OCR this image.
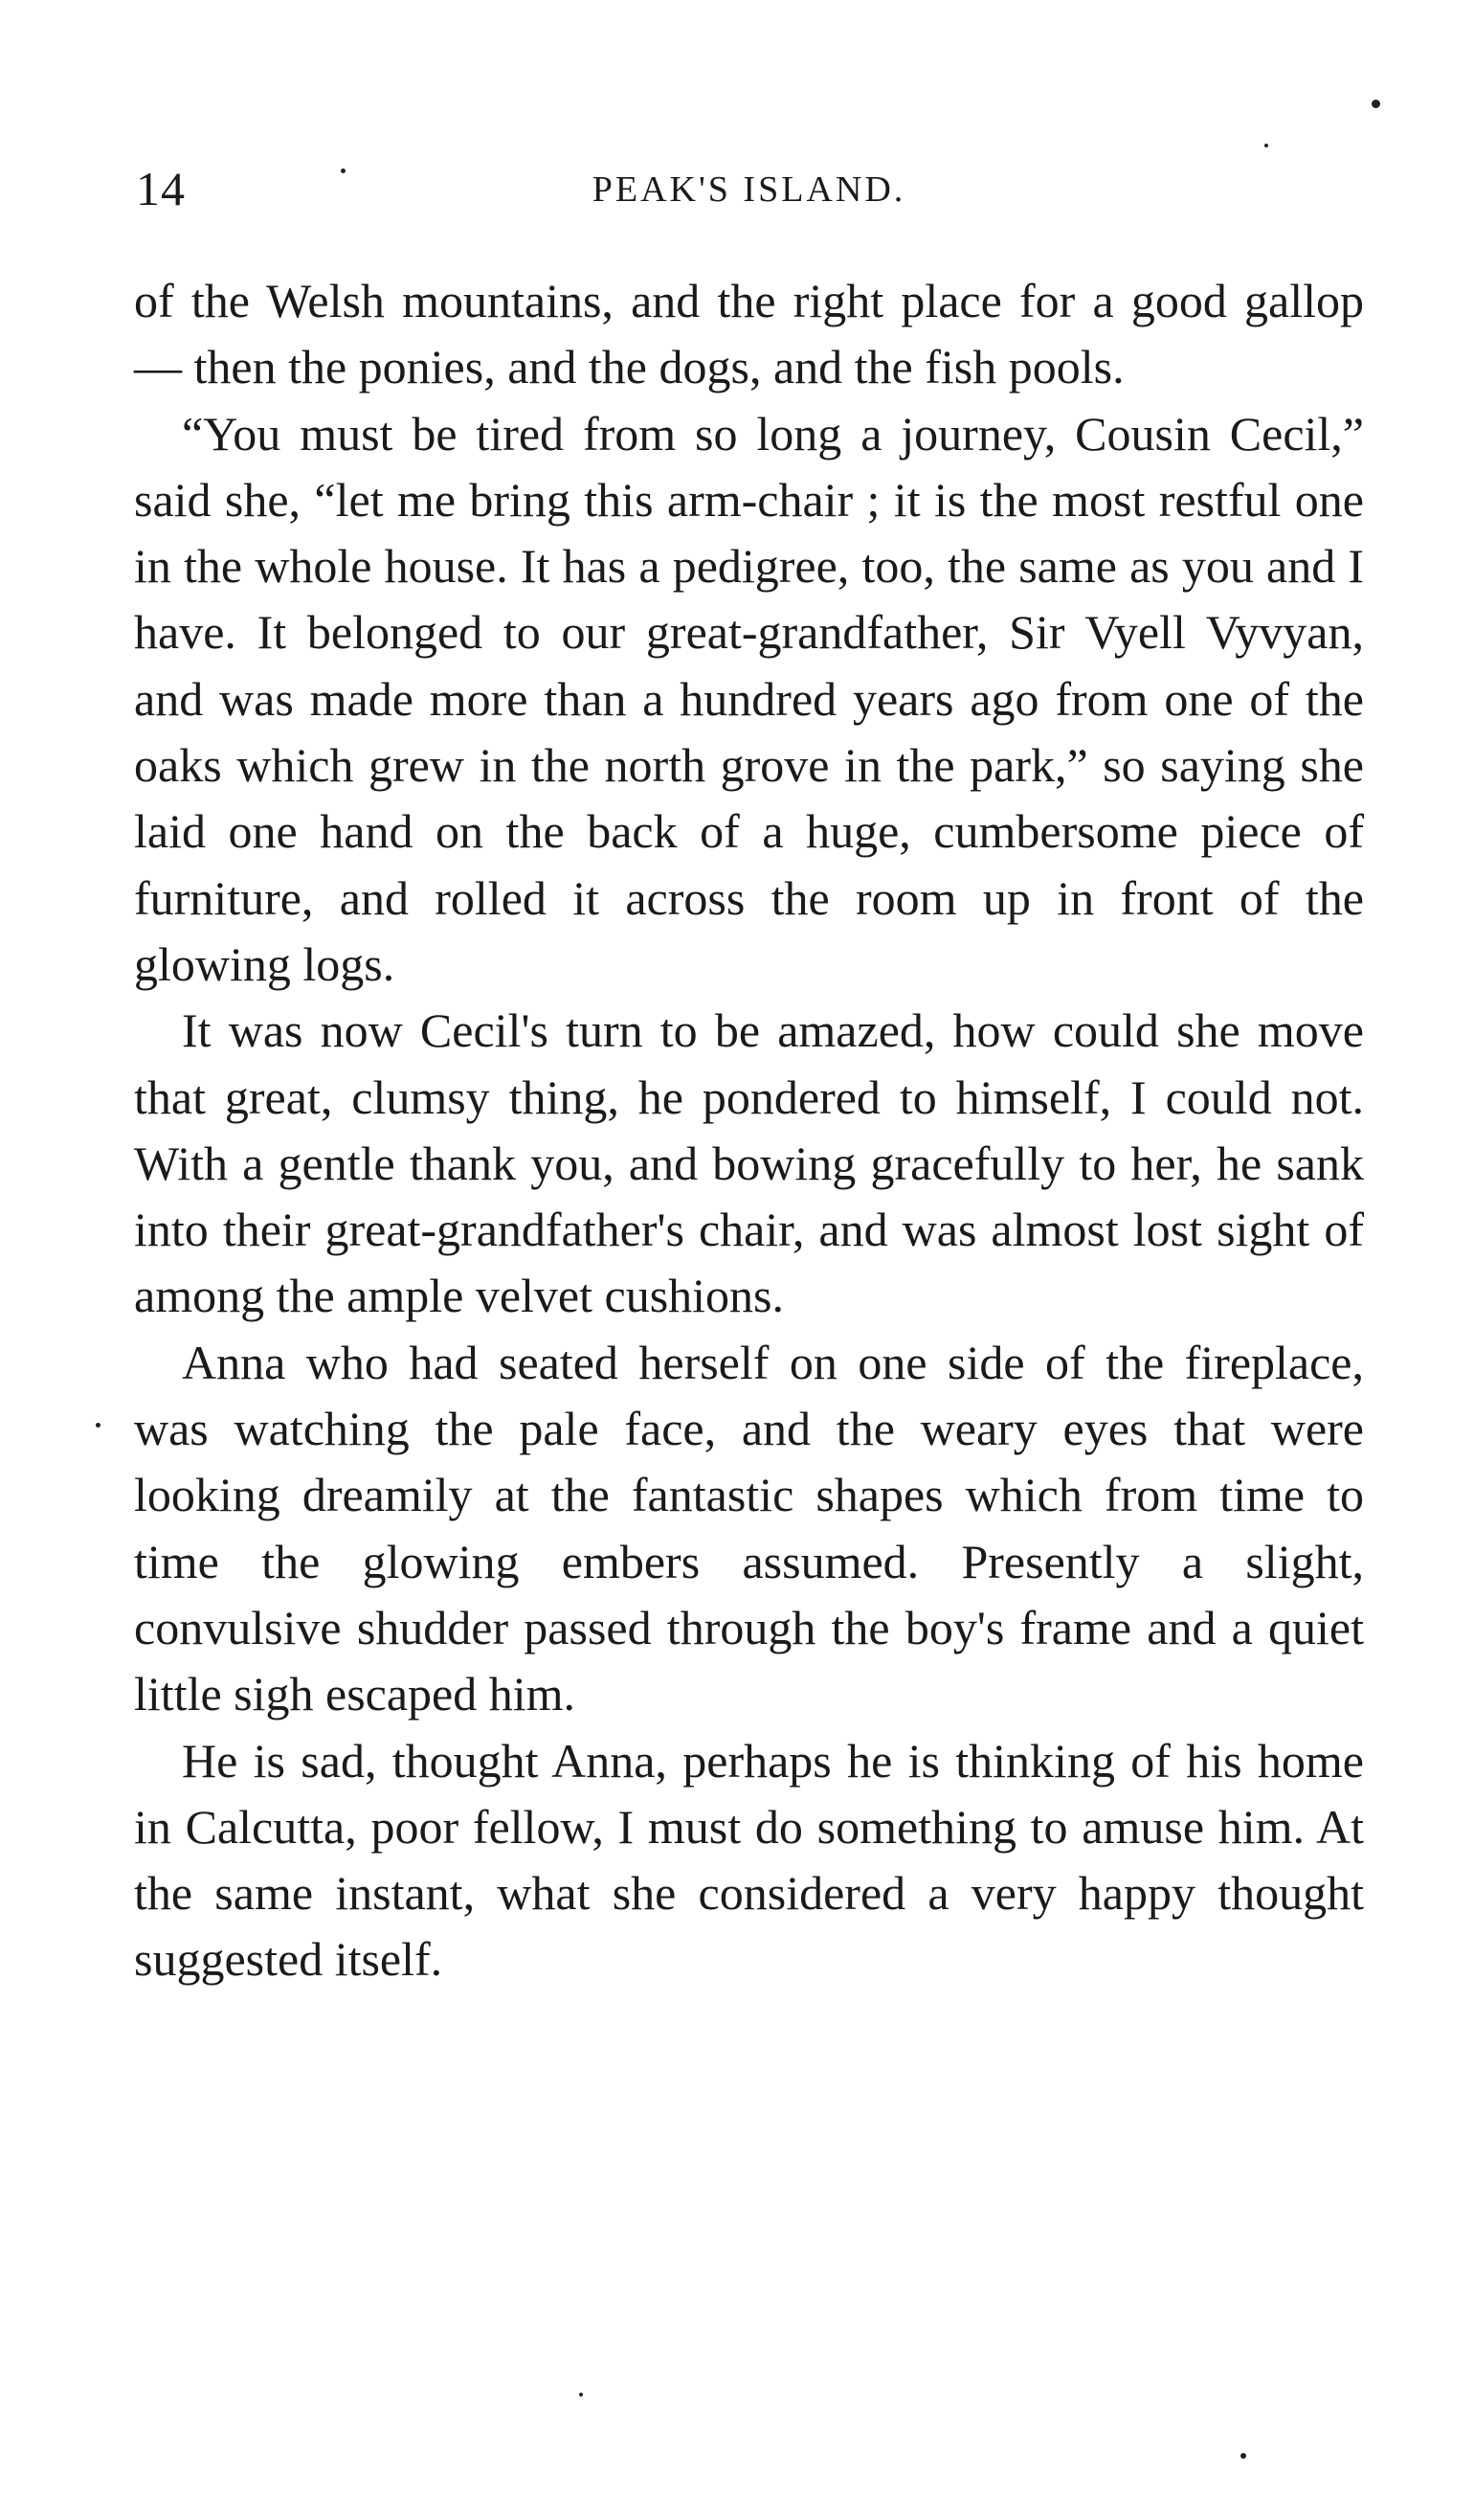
14	PEAK'S ISLAND.

of the Welsh mountains, and the right place for a good gallop — then the ponies, and the dogs, and the fish pools.

“You must be tired from so long a journey, Cousin Cecil,” said she, “let me bring this arm-chair ; it is the most restful one in the whole house. It has a pedigree, too, the same as you and I have. It belonged to our great-grandfather, Sir Vyell Vyvyan, and was made more than a hundred years ago from one of the oaks which grew in the north grove in the park,” so saying she laid one hand on the back of a huge, cumbersome piece of furniture, and rolled it across the room up in front of the glowing logs.

It was now Cecil's turn to be amazed, how could she move that great, clumsy thing, he pondered to himself, I could not. With a gentle thank you, and bowing gracefully to her, he sank into their great-grandfather's chair, and was almost lost sight of among the ample velvet cushions.

Anna who had seated herself on one side of the fireplace, was watching the pale face, and the weary eyes that were looking dreamily at the fantastic shapes which from time to time the glowing embers assumed. Presently a slight, convulsive shudder passed through the boy's frame and a quiet little sigh escaped him.

He is sad, thought Anna, perhaps he is thinking of his home in Calcutta, poor fellow, I must do something to amuse him. At the same instant, what she considered a very happy thought suggested itself.
